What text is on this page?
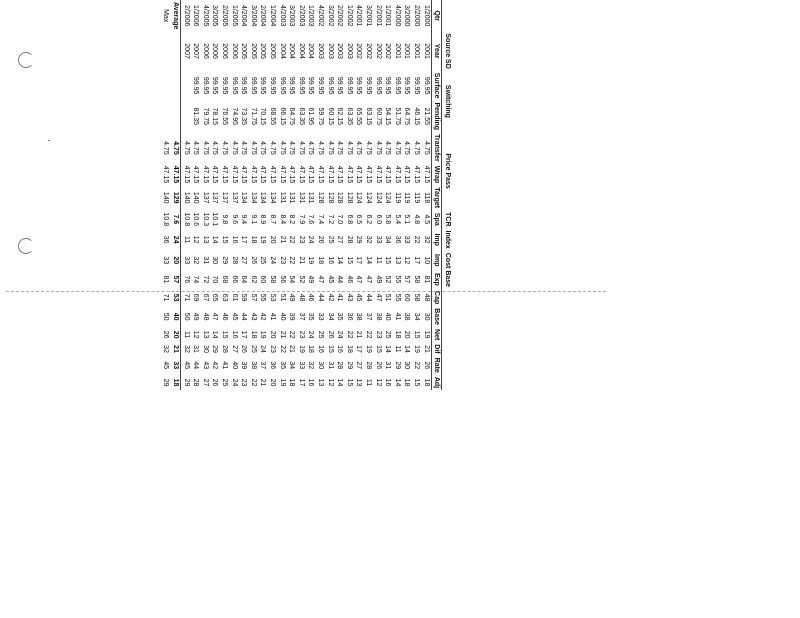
	Source SD	Switching		Price Pass			TCR	Index	Cost Base							
Qtr	Year	Surface	Pending	Transfer	Wrap	Target	Spa	Imp	Imp	Exp	Cap	Base	Net	Dif	Rate	Adj
1/2000	2001	99.95	21.55	4.75	47.15	118	4.5	32	10	81	48	30	19	21	26	18
2/2000	2001	99.95	46.15	4.75	47.15	119	4.8	22	17	58	58	34	15	19	22	15
3/2000	2001	99.95	64.75	4.75	47.15	119	5.1	33	12	57	60	38	20	14	30	18
4/2000	2001	99.95	51.75	4.75	47.15	119	5.4	36	13	55	55	41	18	11	29	14
1/2001	2002	99.95	54.15	4.75	47.15	124	5.8	34	15	52	51	40	25	14	31	16
2/2001	2002	99.95	60.75	4.75	47.15	124	6.0	33	11	49	47	38	23	15	26	12
3/2001	2002	99.95	63.15	4.75	47.15	124	6.2	32	14	47	44	37	22	19	28	11
4/2001	2002	99.95	65.55	4.75	47.15	124	6.5	29	17	47	45	38	21	17	27	13
1/2002	2003	99.95	63.35	4.75	47.15	128	6.8	28	15	46	43	36	22	18	29	15
2/2002	2003	99.95	62.15	4.75	47.15	128	7.0	27	14	44	41	35	24	16	28	14
3/2002	2003	99.95	60.15	4.75	47.15	128	7.2	25	16	45	42	34	26	15	31	12
4/2002	2003	99.95	59.75	4.75	47.15	128	7.4	26	18	47	44	33	25	16	30	13
1/2003	2004	99.95	61.95	4.75	47.15	131	7.6	24	19	49	46	35	24	18	32	16
2/2003	2004	99.95	63.35	4.75	47.15	131	7.9	23	21	52	48	37	23	19	33	17
3/2003	2004	99.95	64.75	4.75	47.15	131	8.2	22	22	54	49	39	22	21	34	18
4/2003	2004	99.95	66.15	4.75	47.15	131	8.4	21	23	56	51	40	21	22	35	19
1/2004	2005	99.95	68.55	4.75	47.15	134	8.7	20	24	58	53	41	20	23	36	20
2/2004	2005	99.95	70.15	4.75	47.15	134	8.9	19	25	60	55	42	19	24	37	21
3/2004	2005	99.95	71.75	4.75	47.15	134	9.1	18	26	62	57	43	18	25	38	22
4/2004	2005	99.95	73.35	4.75	47.15	134	9.4	17	27	64	59	44	17	26	39	23
1/2005	2006	99.95	74.95	4.75	47.15	137	9.6	16	28	66	61	45	16	27	40	24
2/2005	2006	99.95	76.55	4.75	47.15	137	9.8	15	29	68	63	46	15	28	41	25
3/2005	2006	99.95	78.15	4.75	47.15	137	10.1	14	30	70	65	47	14	29	42	26
4/2005	2006	99.95	79.75	4.75	47.15	137	10.3	13	31	72	67	48	13	30	43	27
1/2006	2007	99.95	81.35	4.75	47.15	140	10.6	12	32	74	69	49	12	31	44	28
2/2006	2007			4.75	47.15	140	10.8	11	33	76	71	50	11	32	45	29
Average				4.75	47.15	129	7.6	24	20	57	53	40	20	21	33	18
Max				4.75	47.15	140	10.8	36	33	81	71	50	26	32	45	29
